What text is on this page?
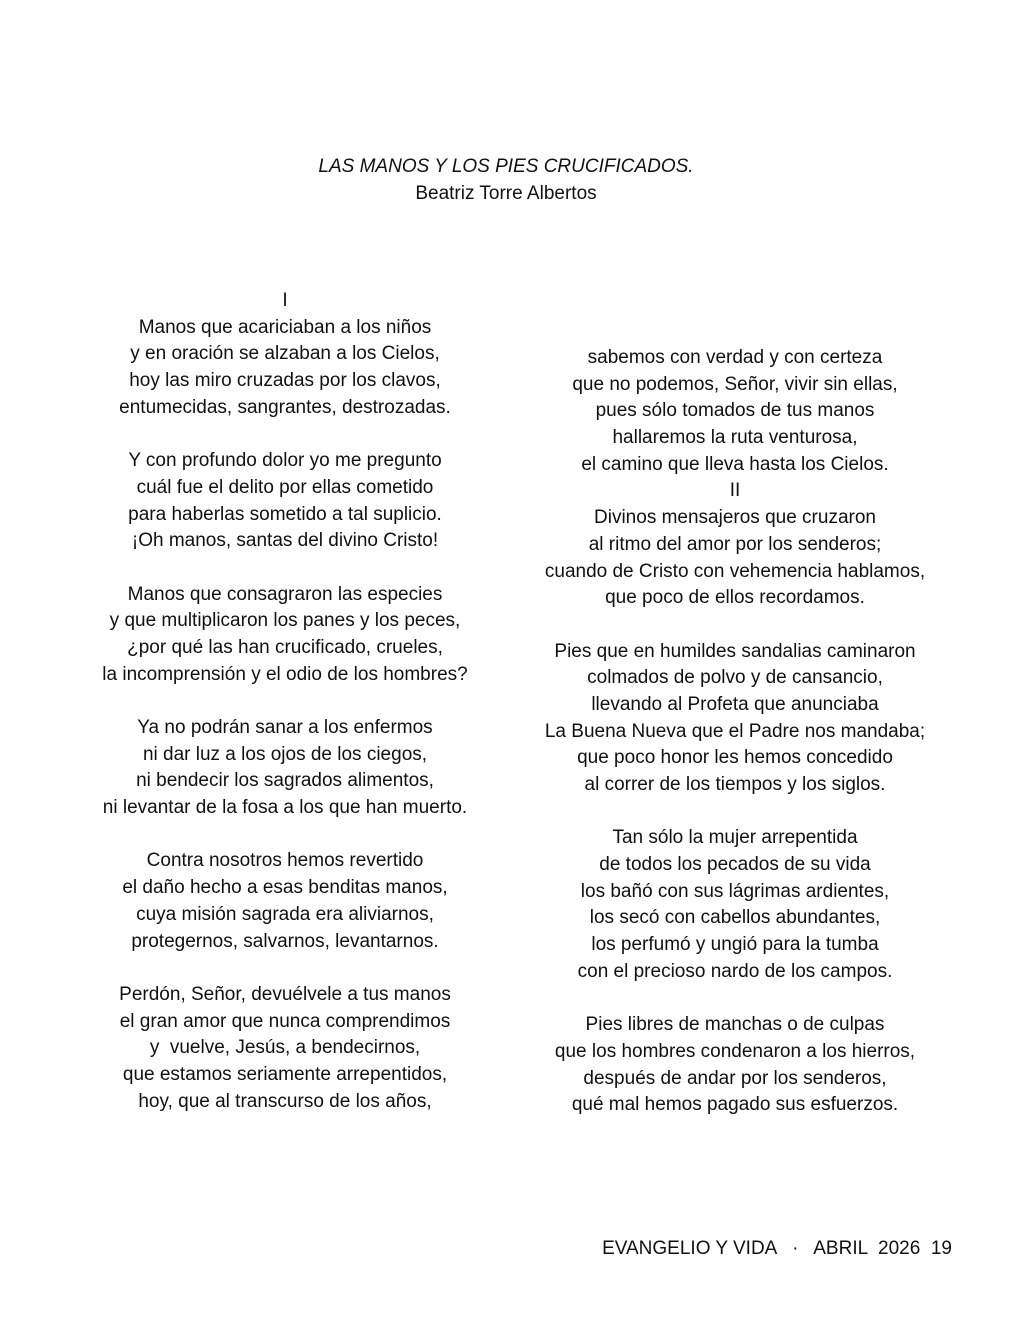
LAS MANOS Y LOS PIES CRUCIFICADOS.
Beatriz Torre Albertos
I
Manos que acariciaban a los niños
y en oración se alzaban a los Cielos,
hoy las miro cruzadas por los clavos,
entumecidas, sangrantes, destrozadas.
Y con profundo dolor yo me pregunto
cuál fue el delito por ellas cometido
para haberlas sometido a tal suplicio.
¡Oh manos, santas del divino Cristo!
Manos que consagraron las especies
y que multiplicaron los panes y los peces,
¿por qué las han crucificado, crueles,
la incomprensión y el odio de los hombres?
Ya no podrán sanar a los enfermos
ni dar luz a los ojos de los ciegos,
ni bendecir los sagrados alimentos,
ni levantar de la fosa a los que han muerto.
Contra nosotros hemos revertido
el daño hecho a esas benditas manos,
cuya misión sagrada era aliviarnos,
protegernos, salvarnos, levantarnos.
Perdón, Señor, devuélvele a tus manos
el gran amor que nunca comprendimos
y  vuelve, Jesús, a bendecirnos,
que estamos seriamente arrepentidos,
hoy, que al transcurso de los años,
sabemos con verdad y con certeza
que no podemos, Señor, vivir sin ellas,
pues sólo tomados de tus manos
hallaremos la ruta venturosa,
el camino que lleva hasta los Cielos.
II
Divinos mensajeros que cruzaron
al ritmo del amor por los senderos;
cuando de Cristo con vehemencia hablamos,
que poco de ellos recordamos.
Pies que en humildes sandalias caminaron
colmados de polvo y de cansancio,
llevando al Profeta que anunciaba
La Buena Nueva que el Padre nos mandaba;
que poco honor les hemos concedido
al correr de los tiempos y los siglos.
Tan sólo la mujer arrepentida
de todos los pecados de su vida
los bañó con sus lágrimas ardientes,
los secó con cabellos abundantes,
los perfumó y ungió para la tumba
con el precioso nardo de los campos.
Pies libres de manchas o de culpas
que los hombres condenaron a los hierros,
después de andar por los senderos,
qué mal hemos pagado sus esfuerzos.
EVANGELIO Y VIDA   ·   ABRIL  2026  19
